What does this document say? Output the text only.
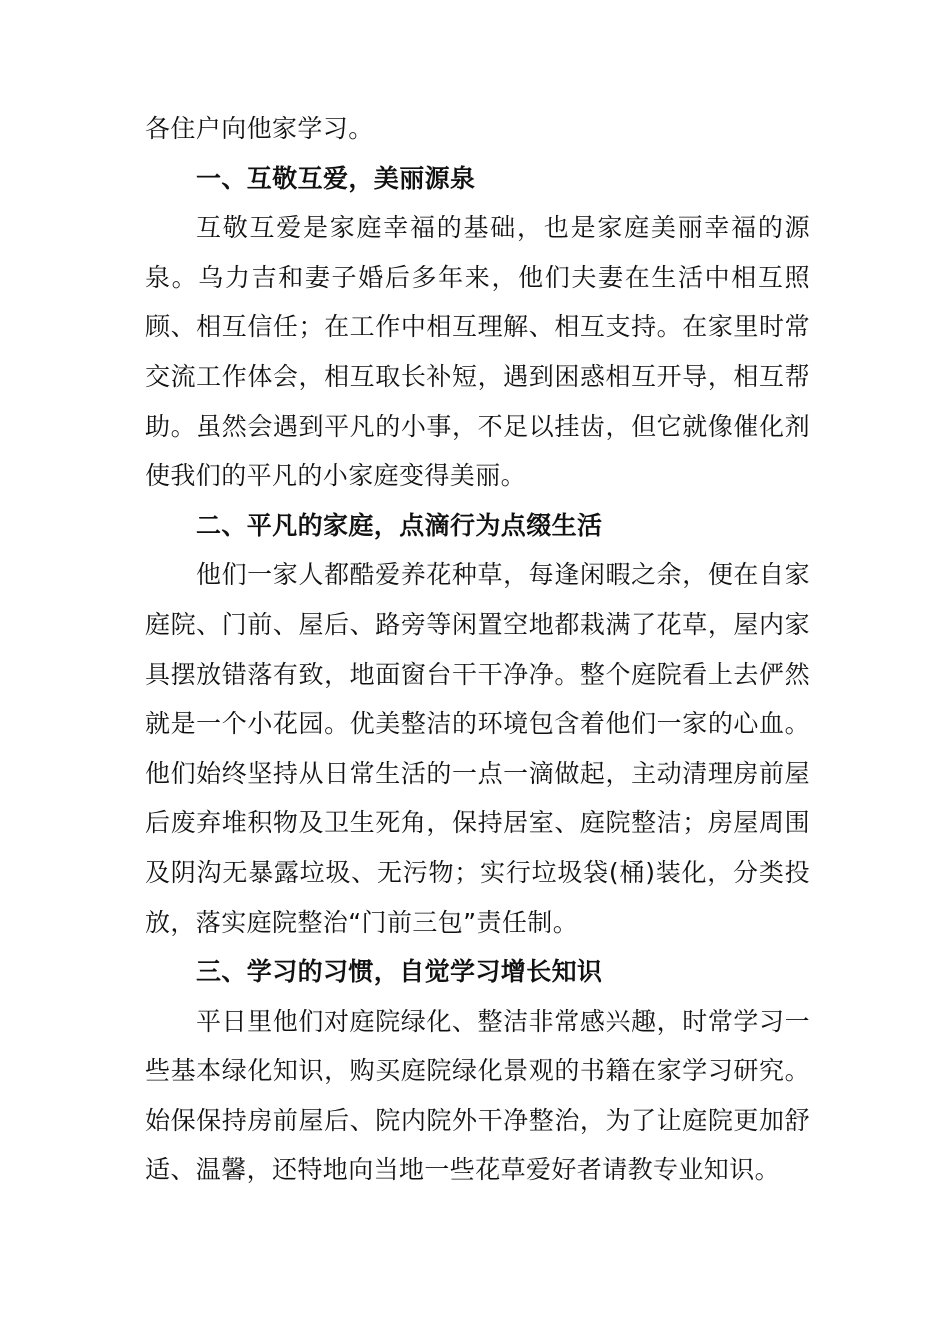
各住户向他家学习。

一、互敬互爱，美丽源泉

互敬互爱是家庭幸福的基础，也是家庭美丽幸福的源泉。乌力吉和妻子婚后多年来，他们夫妻在生活中相互照顾、相互信任；在工作中相互理解、相互支持。在家里时常交流工作体会，相互取长补短，遇到困惑相互开导，相互帮助。虽然会遇到平凡的小事，不足以挂齿，但它就像催化剂使我们的平凡的小家庭变得美丽。

二、平凡的家庭，点滴行为点缀生活

他们一家人都酷爱养花种草，每逢闲暇之余，便在自家庭院、门前、屋后、路旁等闲置空地都栽满了花草，屋内家具摆放错落有致，地面窗台干干净净。整个庭院看上去俨然就是一个小花园。优美整洁的环境包含着他们一家的心血。他们始终坚持从日常生活的一点一滴做起，主动清理房前屋后废弃堆积物及卫生死角，保持居室、庭院整洁；房屋周围及阴沟无暴露垃圾、无污物；实行垃圾袋(桶)装化，分类投放，落实庭院整治“门前三包”责任制。

三、学习的习惯，自觉学习增长知识

平日里他们对庭院绿化、整洁非常感兴趣，时常学习一些基本绿化知识，购买庭院绿化景观的书籍在家学习研究。始保保持房前屋后、院内院外干净整治，为了让庭院更加舒适、温馨，还特地向当地一些花草爱好者请教专业知识。
